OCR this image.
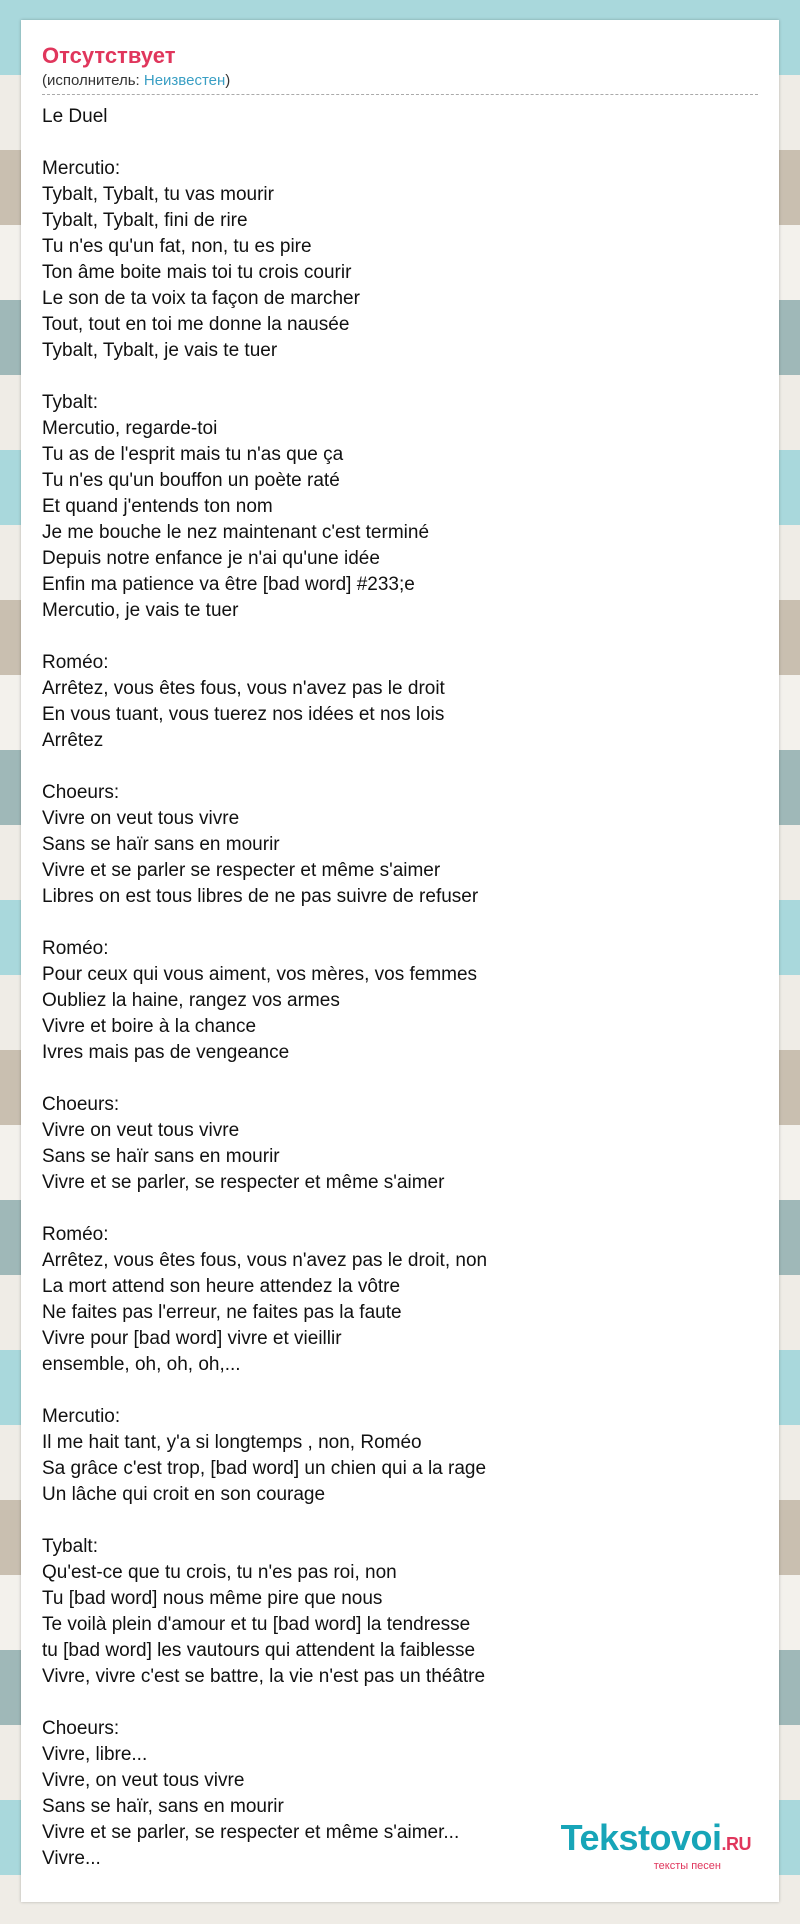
Отсутствует
(исполнитель: Неизвестен)
Le Duel

Mercutio:
Tybalt, Tybalt, tu vas mourir
Tybalt, Tybalt, fini de rire
Tu n'es qu'un fat, non, tu es pire
Ton âme boite mais toi tu crois courir
Le son de ta voix ta façon de marcher
Tout, tout en toi me donne la nausée
Tybalt, Tybalt, je vais te tuer

Tybalt:
Mercutio, regarde-toi
Tu as de l'esprit mais tu n'as que ça
Tu n'es qu'un bouffon un poète raté
Et quand j'entends ton nom
Je me bouche le nez maintenant c'est terminé
Depuis notre enfance je n'ai qu'une idée
Enfin ma patience va être [bad word] #233;e
Mercutio, je vais te tuer

Roméo:
Arrêtez, vous êtes fous, vous n'avez pas le droit
En vous tuant, vous tuerez nos idées et nos lois
Arrêtez

Choeurs:
Vivre on veut tous vivre
Sans se haïr sans en mourir
Vivre et se parler se respecter et même s'aimer
Libres on est tous libres de ne pas suivre de refuser

Roméo:
Pour ceux qui vous aiment, vos mères, vos femmes
Oubliez la haine, rangez vos armes
Vivre et boire à la chance
Ivres mais pas de vengeance

Choeurs:
Vivre on veut tous vivre
Sans se haïr sans en mourir
Vivre et se parler, se respecter et même s'aimer

Roméo:
Arrêtez, vous êtes fous, vous n'avez pas le droit, non
La mort attend son heure attendez la vôtre
Ne faites pas l'erreur, ne faites pas la faute
Vivre pour [bad word] vivre et vieillir
ensemble, oh, oh, oh,...

Mercutio:
Il me hait tant, y'a si longtemps , non, Roméo
Sa grâce c'est trop, [bad word] un chien qui a la rage
Un lâche qui croit en son courage

Tybalt:
Qu'est-ce que tu crois, tu n'es pas roi, non
Tu [bad word] nous même pire que nous
Te voilà plein d'amour et tu [bad word] la tendresse
tu [bad word] les vautours qui attendent la faiblesse
Vivre, vivre c'est se battre, la vie n'est pas un théâtre

Choeurs:
Vivre, libre...
Vivre, on veut tous vivre
Sans se haïr, sans en mourir
Vivre et se parler, se respecter et même s'aimer...
Vivre...
Tekstovoi.RU
тексты песен
